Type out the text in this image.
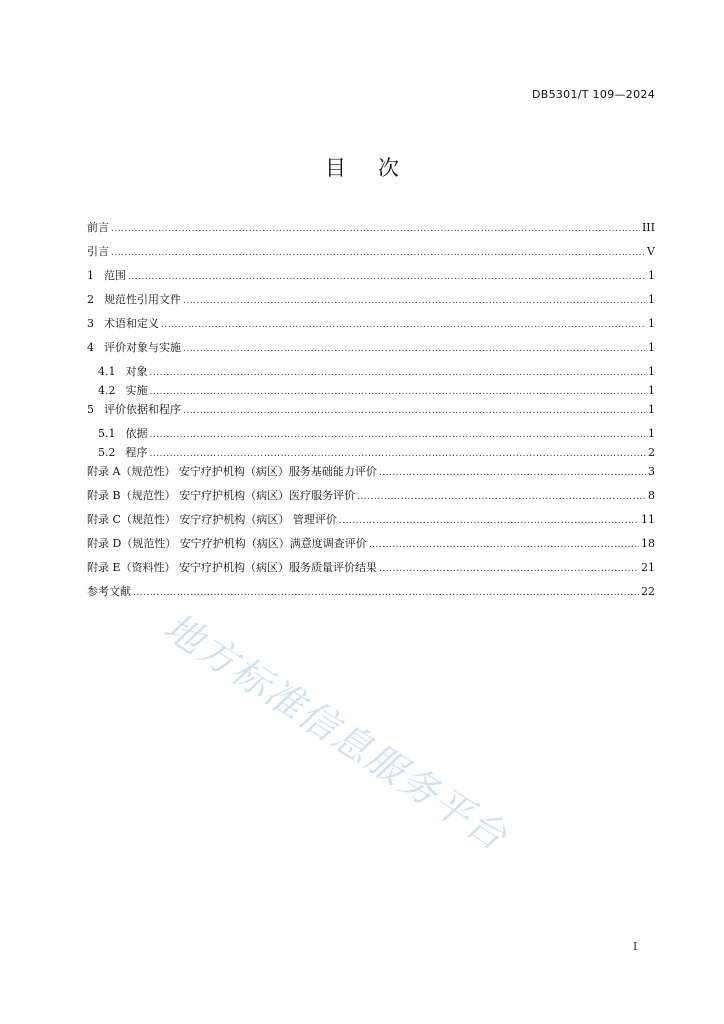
DB5301/T 109—2024
目次
前言 .....	III
引言 .....	V
1 范围 .....	1
2 规范性引用文件 .....	1
3 术语和定义 .....	1
4 评价对象与实施 .....	1
4.1 对象 .....	1
4.2 实施 .....	1
5 评价依据和程序 .....	1
5.1 依据 .....	1
5.2 程序 .....	2
附录 A（规范性） 安宁疗护机构（病区）服务基础能力评价 .....	3
附录 B（规范性） 安宁疗护机构（病区）医疗服务评价 .....	8
附录 C（规范性） 安宁疗护机构（病区） 管理评价 .....	11
附录 D（规范性） 安宁疗护机构（病区）满意度调查评价 .....	18
附录 E（资料性） 安宁疗护机构（病区）服务质量评价结果 .....	21
参考文献 .....	22
地方标准信息服务平台
I
